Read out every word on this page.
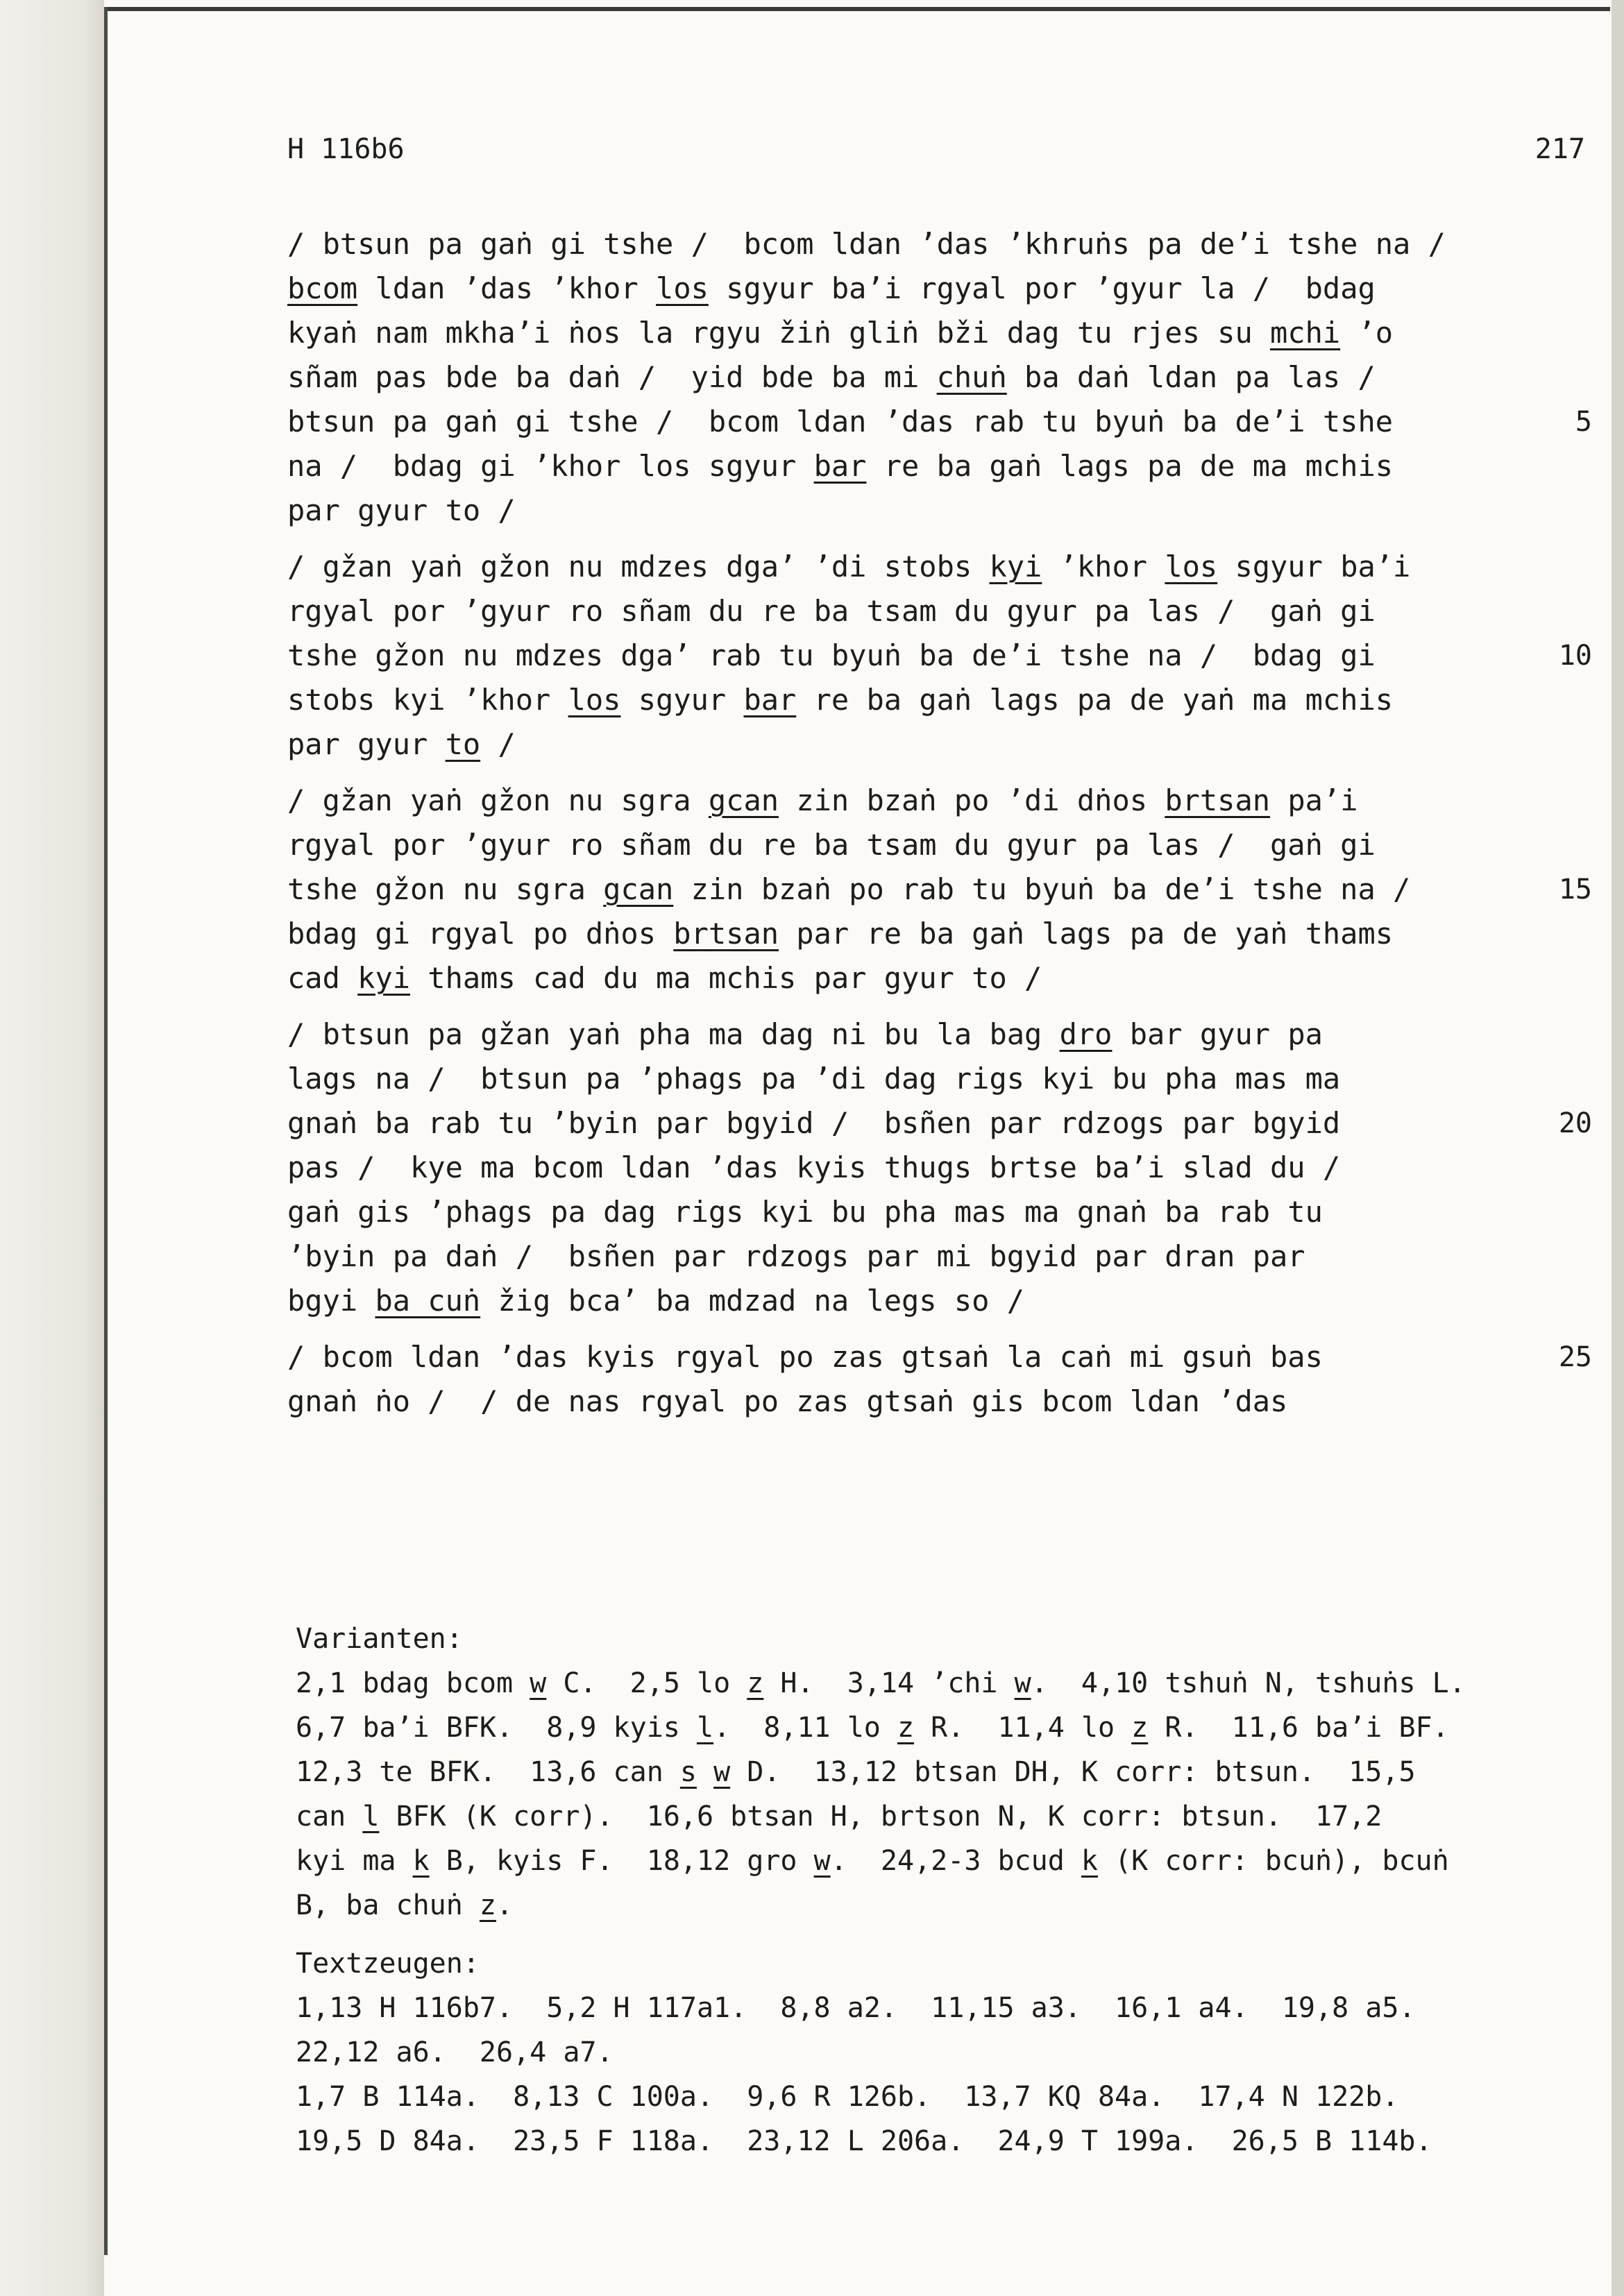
H 116b6	217
/ btsun pa gaṅ gi tshe /  bcom ldan ’das ’khruṅs pa de’i tshe na /
bcom ldan ’das ’khor los sgyur ba’i rgyal por ’gyur la /  bdag
kyaṅ nam mkha’i ṅos la rgyu žiṅ gliṅ bži dag tu rjes su mchi ’o
sñam pas bde ba daṅ /  yid bde ba mi chuṅ ba daṅ ldan pa las /
btsun pa gaṅ gi tshe /  bcom ldan ’das rab tu byuṅ ba de’i tshe	5
na /  bdag gi ’khor los sgyur bar re ba gaṅ lags pa de ma mchis
par gyur to /
/ gžan yaṅ gžon nu mdzes dga’ ’di stobs kyi ’khor los sgyur ba’i
rgyal por ’gyur ro sñam du re ba tsam du gyur pa las /  gaṅ gi
tshe gžon nu mdzes dga’ rab tu byuṅ ba de’i tshe na /  bdag gi	10
stobs kyi ’khor los sgyur bar re ba gaṅ lags pa de yaṅ ma mchis
par gyur to /
/ gžan yaṅ gžon nu sgra gcan zin bzaṅ po ’di dṅos brtsan pa’i
rgyal por ’gyur ro sñam du re ba tsam du gyur pa las /  gaṅ gi
tshe gžon nu sgra gcan zin bzaṅ po rab tu byuṅ ba de’i tshe na /	15
bdag gi rgyal po dṅos brtsan par re ba gaṅ lags pa de yaṅ thams
cad kyi thams cad du ma mchis par gyur to /
/ btsun pa gžan yaṅ pha ma dag ni bu la bag dro bar gyur pa
lags na /  btsun pa ’phags pa ’di dag rigs kyi bu pha mas ma
gnaṅ ba rab tu ’byin par bgyid /  bsñen par rdzogs par bgyid	20
pas /  kye ma bcom ldan ’das kyis thugs brtse ba’i slad du /
gaṅ gis ’phags pa dag rigs kyi bu pha mas ma gnaṅ ba rab tu
’byin pa daṅ /  bsñen par rdzogs par mi bgyid par dran par
bgyi ba cuṅ žig bca’ ba mdzad na legs so /
/ bcom ldan ’das kyis rgyal po zas gtsaṅ la caṅ mi gsuṅ bas	25
gnaṅ ṅo /  / de nas rgyal po zas gtsaṅ gis bcom ldan ’das
Varianten:
2,1 bdag bcom w C.  2,5 lo z H.  3,14 ’chi w.  4,10 tshuṅ N, tshuṅs L.
6,7 ba’i BFK.  8,9 kyis l.  8,11 lo z R.  11,4 lo z R.  11,6 ba’i BF.
12,3 te BFK.  13,6 can s w D.  13,12 btsan DH, K corr: btsun.  15,5
can l BFK (K corr).  16,6 btsan H, brtson N, K corr: btsun.  17,2
kyi ma k B, kyis F.  18,12 gro w.  24,2-3 bcud k (K corr: bcuṅ), bcuṅ
B, ba chuṅ z.
Textzeugen:
1,13 H 116b7.  5,2 H 117a1.  8,8 a2.  11,15 a3.  16,1 a4.  19,8 a5.
22,12 a6.  26,4 a7.
1,7 B 114a.  8,13 C 100a.  9,6 R 126b.  13,7 KQ 84a.  17,4 N 122b.
19,5 D 84a.  23,5 F 118a.  23,12 L 206a.  24,9 T 199a.  26,5 B 114b.
